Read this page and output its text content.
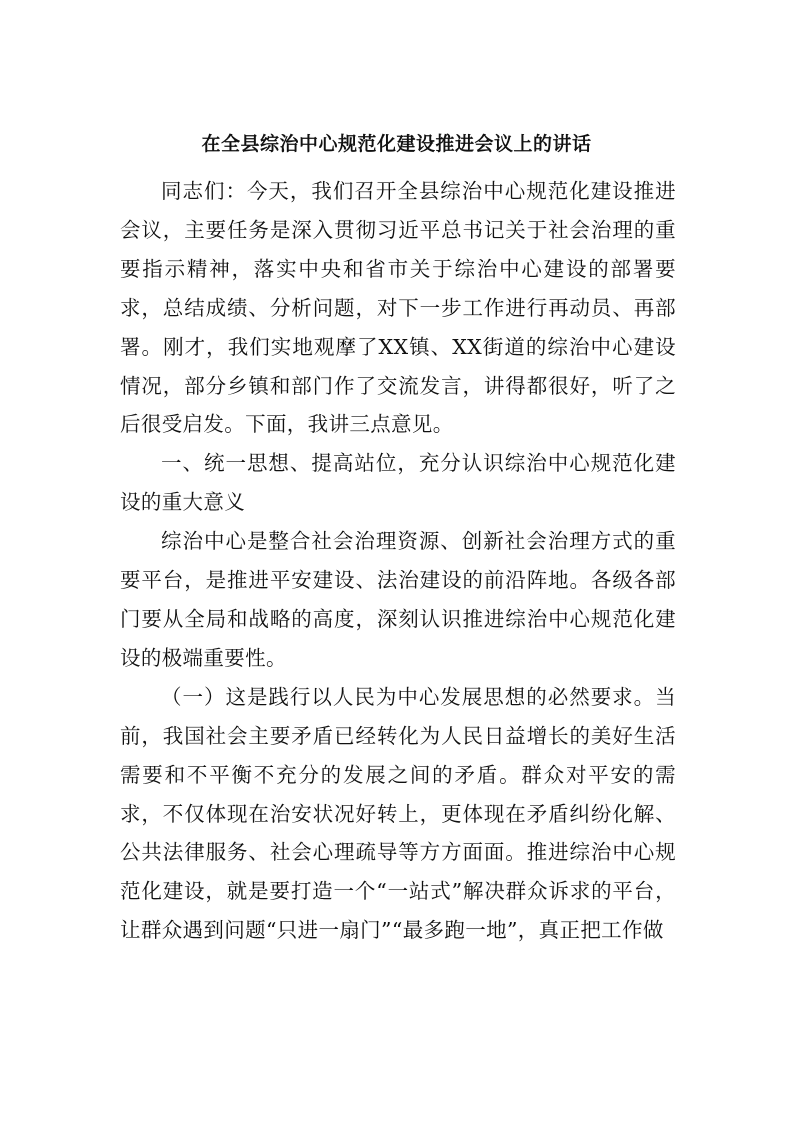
在全县综治中心规范化建设推进会议上的讲话

同志们：今天，我们召开全县综治中心规范化建设推进会议，主要任务是深入贯彻习近平总书记关于社会治理的重要指示精神，落实中央和省市关于综治中心建设的部署要求，总结成绩、分析问题，对下一步工作进行再动员、再部署。刚才，我们实地观摩了XX镇、XX街道的综治中心建设情况，部分乡镇和部门作了交流发言，讲得都很好，听了之后很受启发。下面，我讲三点意见。

一、统一思想、提高站位，充分认识综治中心规范化建设的重大意义

综治中心是整合社会治理资源、创新社会治理方式的重要平台，是推进平安建设、法治建设的前沿阵地。各级各部门要从全局和战略的高度，深刻认识推进综治中心规范化建设的极端重要性。

（一）这是践行以人民为中心发展思想的必然要求。当前，我国社会主要矛盾已经转化为人民日益增长的美好生活需要和不平衡不充分的发展之间的矛盾。群众对平安的需求，不仅体现在治安状况好转上，更体现在矛盾纠纷化解、公共法律服务、社会心理疏导等方方面面。推进综治中心规范化建设，就是要打造一个“一站式”解决群众诉求的平台，让群众遇到问题“只进一扇门”“最多跑一地”，真正把工作做
